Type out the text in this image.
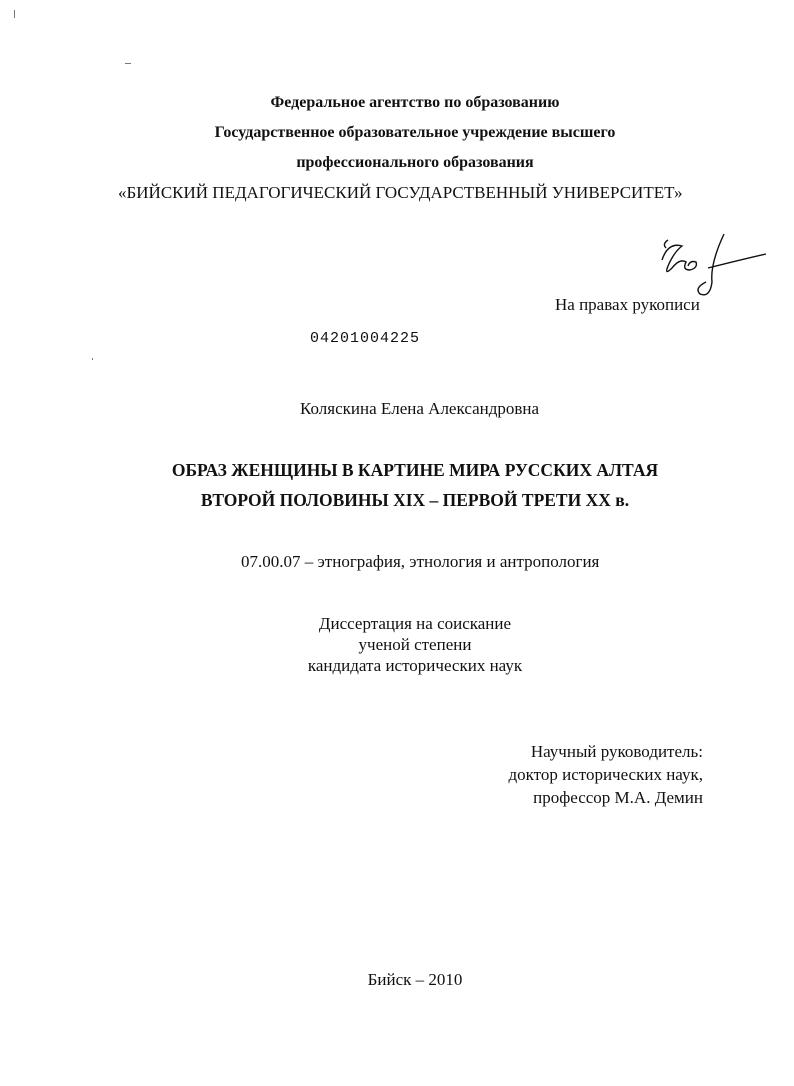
Федеральное агентство по образованию
Государственное образовательное учреждение высшего
профессионального образования
«БИЙСКИЙ ПЕДАГОГИЧЕСКИЙ ГОСУДАРСТВЕННЫЙ УНИВЕРСИТЕТ»
На правах рукописи
04201004225
Коляскина Елена Александровна
ОБРАЗ ЖЕНЩИНЫ В КАРТИНЕ МИРА РУССКИХ АЛТАЯ
ВТОРОЙ ПОЛОВИНЫ XIX – ПЕРВОЙ ТРЕТИ XX в.
07.00.07 – этнография, этнология и антропология
Диссертация на соискание
ученой степени
кандидата исторических наук
Научный руководитель:
доктор исторических наук,
профессор М.А. Демин
Бийск – 2010
